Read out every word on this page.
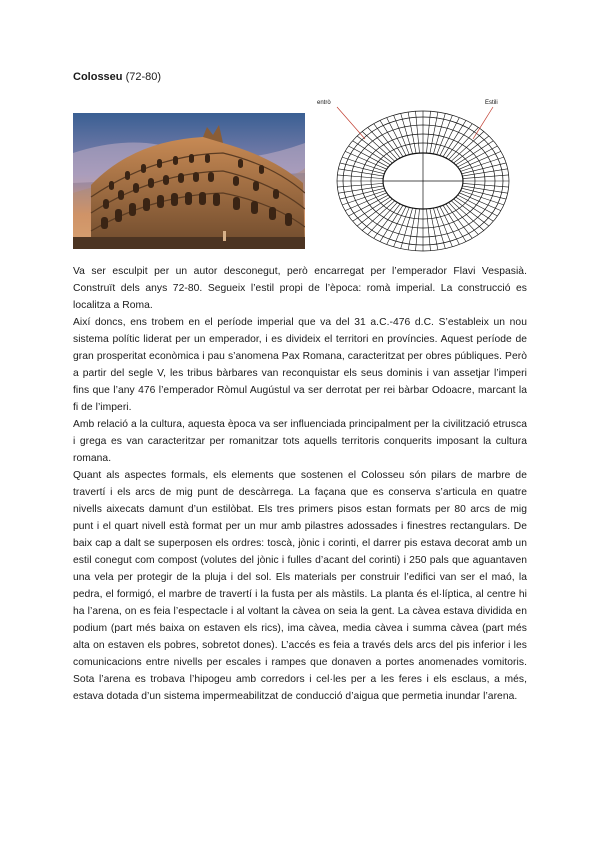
Colosseu (72-80)
entrò	Estili

Va ser esculpit per un autor desconegut, però encarregat per l’emperador Flavi Vespasià. Construït dels anys 72-80. Segueix l’estil propi de l’època: romà imperial. La construcció es localitza a Roma.

Així doncs, ens trobem en el període imperial que va del 31 a.C.-476 d.C. S’estableix un nou sistema polític liderat per un emperador, i es divideix el territori en províncies. Aquest període de gran prosperitat econòmica i pau s’anomena Pax Romana, caracteritzat per obres públiques. Però a partir del segle V, les tribus bàrbares van reconquistar els seus dominis i van assetjar l’imperi fins que l’any 476 l’emperador Ròmul Augústul va ser derrotat per rei bàrbar Odoacre, marcant la fi de l’imperi.

Amb relació a la cultura, aquesta època va ser influenciada principalment per la civilització etrusca i grega es van caracteritzar per romanitzar tots aquells territoris conquerits imposant la cultura romana.

Quant als aspectes formals, els elements que sostenen el Colosseu són pilars de marbre de travertí i els arcs de mig punt de descàrrega. La façana que es conserva s’articula en quatre nivells aixecats damunt d’un estilòbat. Els tres primers pisos estan formats per 80 arcs de mig punt i el quart nivell està format per un mur amb pilastres adossades i finestres rectangulars. De baix cap a dalt se superposen els ordres: toscà, jònic i corinti, el darrer pis estava decorat amb un estil conegut com compost (volutes del jònic i fulles d’acant del corinti) i 250 pals que aguantaven una vela per protegir de la pluja i del sol. Els materials per construir l’edifici van ser el maó, la pedra, el formigó, el marbre de travertí i la fusta per als màstils. La planta és el·líptica, al centre hi ha l’arena, on es feia l’espectacle i al voltant la càvea on seia la gent. La càvea estava dividida en podium (part més baixa on estaven els rics), ima càvea, media càvea i summa càvea (part més alta on estaven els pobres, sobretot dones). L’accés es feia a través dels arcs del pis inferior i les comunicacions entre nivells per escales i rampes que donaven a portes anomenades vomitoris. Sota l’arena es trobava l’hipogeu amb corredors i cel·les per a les feres i els esclaus, a més, estava dotada d’un sistema impermeabilitzat de conducció d’aigua que permetia inundar l’arena.
